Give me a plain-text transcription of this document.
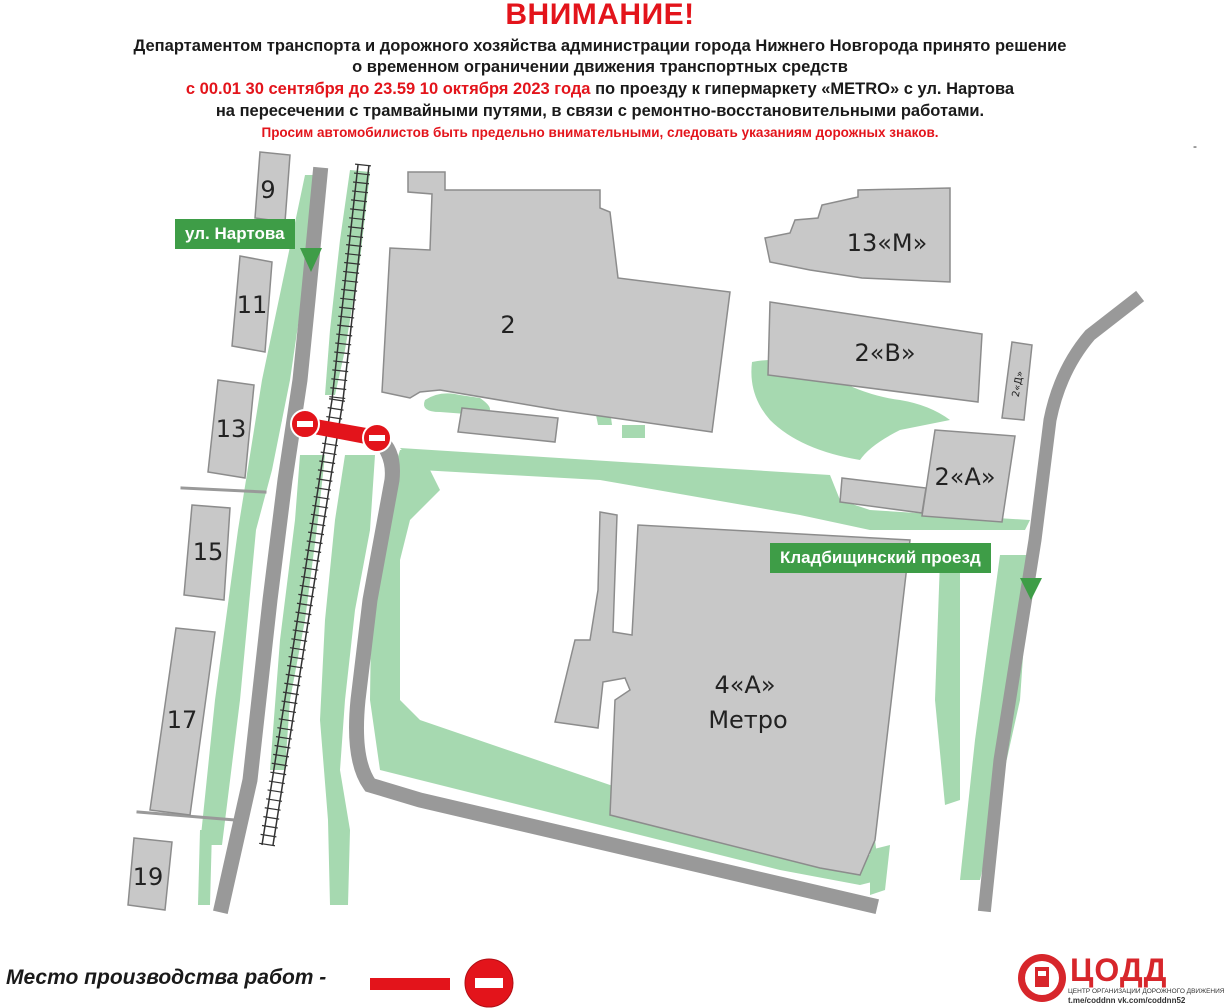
ВНИМАНИЕ!
Департаментом транспорта и дорожного хозяйства администрации города Нижнего Новгорода принято решение
о временном ограничении движения транспортных средств
с 00.01 30 сентября до 23.59 10 октября 2023 года по проезду к гипермаркету «METRO» с ул. Нартова
на пересечении с трамвайными путями, в связи с ремонтно-восстановительными работами.
Просим автомобилистов быть предельно внимательными, следовать указаниям дорожных знаков.
9
11
13
15
17
19
2
13«М»
2«В»
2«Д»
2«А»
4«А»
Метро
-
ул. Нартова
Кладбищинский проезд
Место производства работ -	ЦОДД
ЦЕНТР ОРГАНИЗАЦИИ ДОРОЖНОГО ДВИЖЕНИЯ
t.me/coddnn vk.com/coddnn52
